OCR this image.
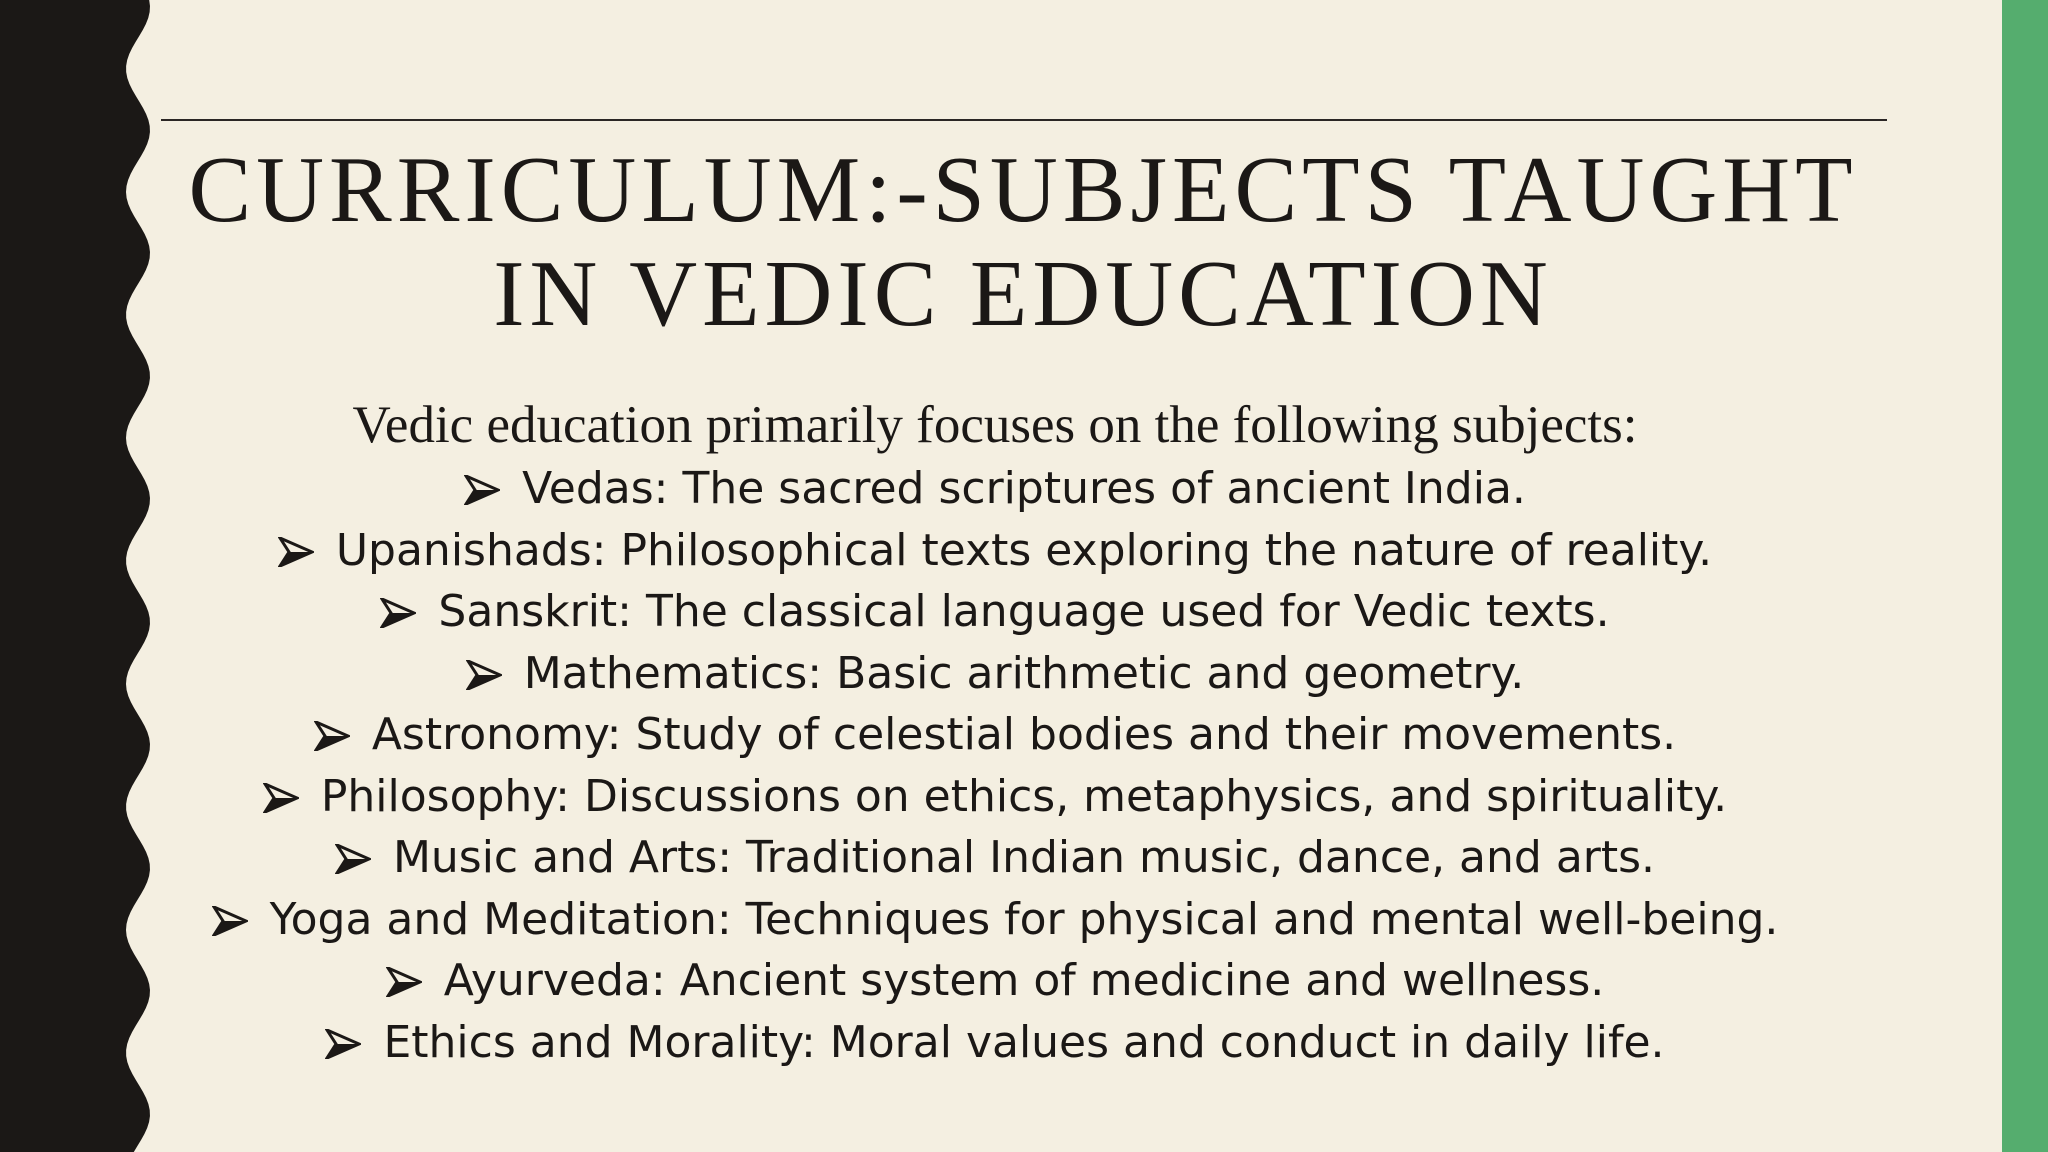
CURRICULUM:-SUBJECTS TAUGHT
IN VEDIC EDUCATION
Vedic education primarily focuses on the following subjects:
Vedas: The sacred scriptures of ancient India.
Upanishads: Philosophical texts exploring the nature of reality.
Sanskrit: The classical language used for Vedic texts.
Mathematics: Basic arithmetic and geometry.
Astronomy: Study of celestial bodies and their movements.
Philosophy: Discussions on ethics, metaphysics, and spirituality.
Music and Arts: Traditional Indian music, dance, and arts.
Yoga and Meditation: Techniques for physical and mental well-being.
Ayurveda: Ancient system of medicine and wellness.
Ethics and Morality: Moral values and conduct in daily life.
